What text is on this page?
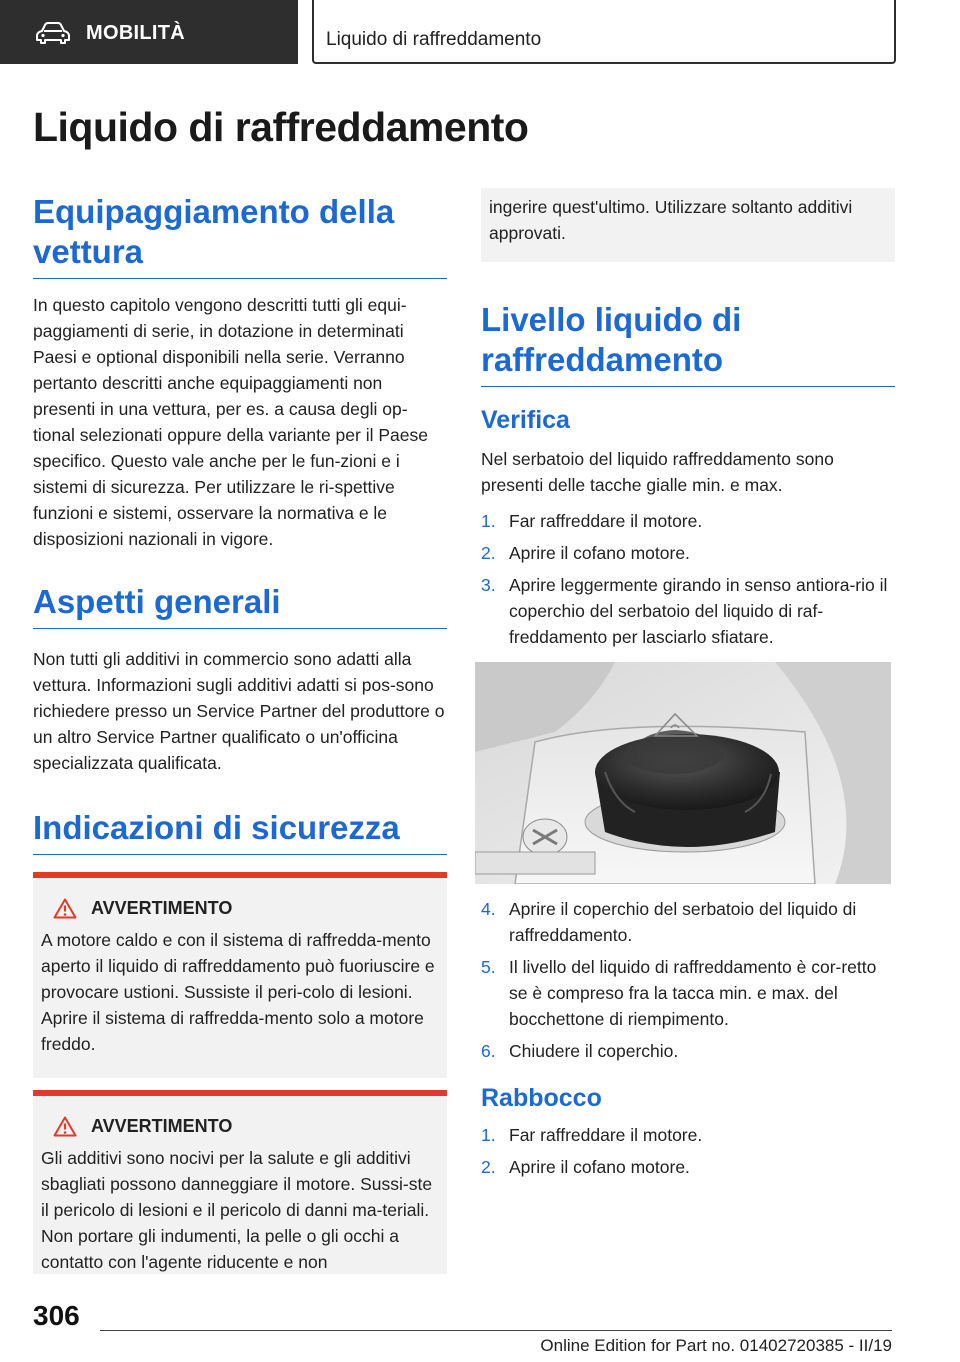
MOBILITÀ	Liquido di raffreddamento
Liquido di raffreddamento
Equipaggiamento della vettura

In questo capitolo vengono descritti tutti gli equi-paggiamenti di serie, in dotazione in determinati Paesi e optional disponibili nella serie. Verranno pertanto descritti anche equipaggiamenti non presenti in una vettura, per es. a causa degli op-tional selezionati oppure della variante per il Paese specifico. Questo vale anche per le fun-zioni e i sistemi di sicurezza. Per utilizzare le ri-spettive funzioni e sistemi, osservare la normativa e le disposizioni nazionali in vigore.

Aspetti generali

Non tutti gli additivi in commercio sono adatti alla vettura. Informazioni sugli additivi adatti si pos-sono richiedere presso un Service Partner del produttore o un altro Service Partner qualificato o un'officina specializzata qualificata.

Indicazioni di sicurezza
AVVERTIMENTO

A motore caldo e con il sistema di raffredda-mento aperto il liquido di raffreddamento può fuoriuscire e provocare ustioni. Sussiste il peri-colo di lesioni. Aprire il sistema di raffredda-mento solo a motore freddo.

AVVERTIMENTO

Gli additivi sono nocivi per la salute e gli additivi sbagliati possono danneggiare il motore. Sussi-ste il pericolo di lesioni e il pericolo di danni ma-teriali. Non portare gli indumenti, la pelle o gli occhi a contatto con l'agente riducente e non

ingerire quest'ultimo. Utilizzare soltanto additivi approvati.
Livello liquido di raffreddamento
Verifica

Nel serbatoio del liquido raffreddamento sono presenti delle tacche gialle min. e max.

1. Far raffreddare il motore.
2. Aprire il cofano motore.
3. Aprire leggermente girando in senso antiora-rio il coperchio del serbatoio del liquido di raf-freddamento per lasciarlo sfiatare.
4. Aprire il coperchio del serbatoio del liquido di raffreddamento.
5. Il livello del liquido di raffreddamento è cor-retto se è compreso fra la tacca min. e max. del bocchettone di riempimento.
6. Chiudere il coperchio.
Rabbocco
1. Far raffreddare il motore.
2. Aprire il cofano motore.
306
Online Edition for Part no. 01402720385 - II/19
